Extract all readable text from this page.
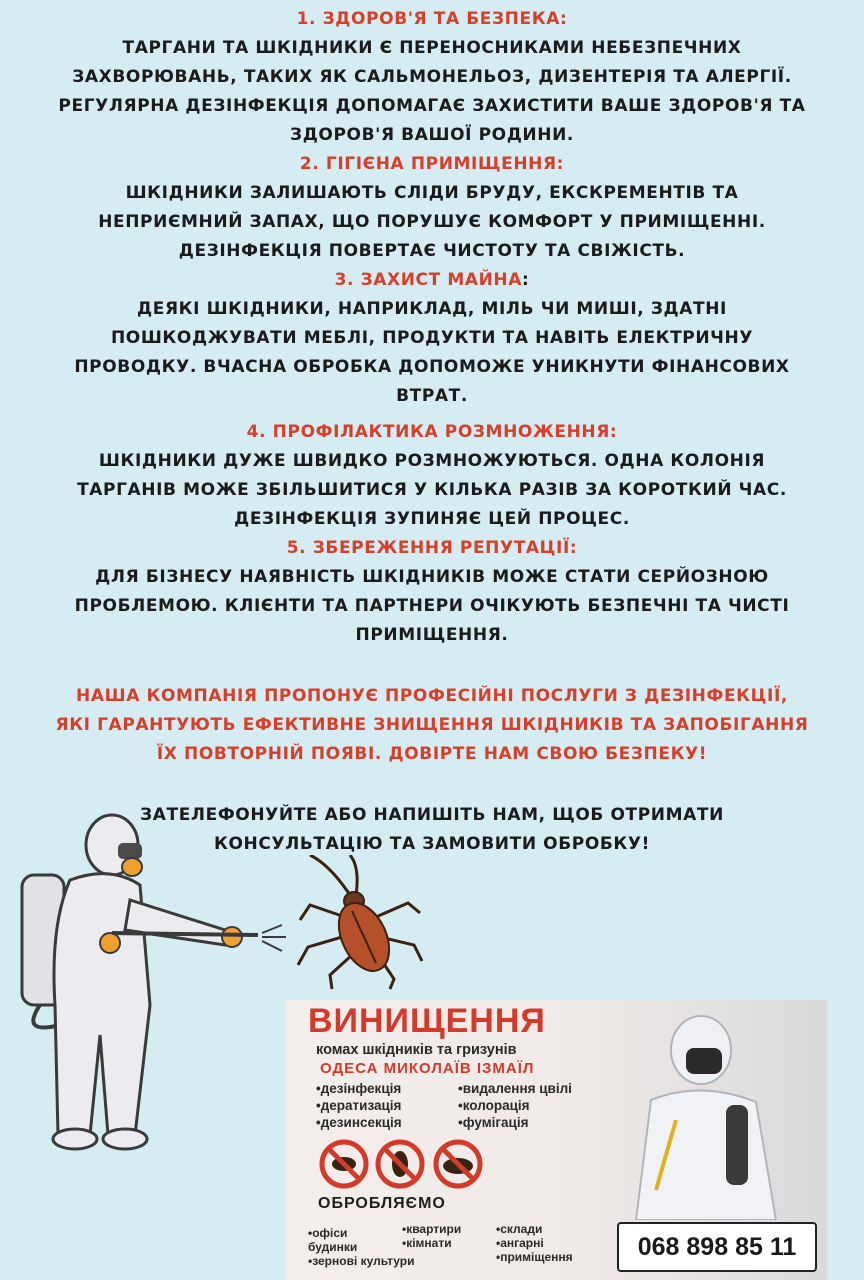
1. ЗДОРОВ'Я ТА БЕЗПЕКА:
ТАРГАНИ ТА ШКІДНИКИ Є ПЕРЕНОСНИКАМИ НЕБЕЗПЕЧНИХ
ЗАХВОРЮВАНЬ, ТАКИХ ЯК САЛЬМОНЕЛЬОЗ, ДИЗЕНТЕРІЯ ТА АЛЕРГІЇ.
РЕГУЛЯРНА ДЕЗІНФЕКЦІЯ ДОПОМАГАЄ ЗАХИСТИТИ ВАШЕ ЗДОРОВ'Я ТА
ЗДОРОВ'Я ВАШОЇ РОДИНИ.
2. ГІГІЄНА ПРИМІЩЕННЯ:
ШКІДНИКИ ЗАЛИШАЮТЬ СЛІДИ БРУДУ, ЕКСКРЕМЕНТІВ ТА
НЕПРИЄМНИЙ ЗАПАХ, ЩО ПОРУШУЄ КОМФОРТ У ПРИМІЩЕННІ.
ДЕЗІНФЕКЦІЯ ПОВЕРТАЄ ЧИСТОТУ ТА СВІЖІСТЬ.
3. ЗАХИСТ МАЙНА:
ДЕЯКІ ШКІДНИКИ, НАПРИКЛАД, МІЛЬ ЧИ МИШІ, ЗДАТНІ
ПОШКОДЖУВАТИ МЕБЛІ, ПРОДУКТИ ТА НАВІТЬ ЕЛЕКТРИЧНУ
ПРОВОДКУ. ВЧАСНА ОБРОБКА ДОПОМОЖЕ УНИКНУТИ ФІНАНСОВИХ
ВТРАТ.
4. ПРОФІЛАКТИКА РОЗМНОЖЕННЯ:
ШКІДНИКИ ДУЖЕ ШВИДКО РОЗМНОЖУЮТЬСЯ. ОДНА КОЛОНІЯ
ТАРГАНІВ МОЖЕ ЗБІЛЬШИТИСЯ У КІЛЬКА РАЗІВ ЗА КОРОТКИЙ ЧАС.
ДЕЗІНФЕКЦІЯ ЗУПИНЯЄ ЦЕЙ ПРОЦЕС.
5. ЗБЕРЕЖЕННЯ РЕПУТАЦІЇ:
ДЛЯ БІЗНЕСУ НАЯВНІСТЬ ШКІДНИКІВ МОЖЕ СТАТИ СЕРЙОЗНОЮ
ПРОБЛЕМОЮ. КЛІЄНТИ ТА ПАРТНЕРИ ОЧІКУЮТЬ БЕЗПЕЧНІ ТА ЧИСТІ
ПРИМІЩЕННЯ.
НАША КОМПАНІЯ ПРОПОНУЄ ПРОФЕСІЙНІ ПОСЛУГИ З ДЕЗІНФЕКЦІЇ,
ЯКІ ГАРАНТУЮТЬ ЕФЕКТИВНЕ ЗНИЩЕННЯ ШКІДНИКІВ ТА ЗАПОБІГАННЯ
ЇХ ПОВТОРНІЙ ПОЯВІ. ДОВІРТЕ НАМ СВОЮ БЕЗПЕКУ!
ЗАТЕЛЕФОНУЙТЕ АБО НАПИШІТЬ НАМ, ЩОБ ОТРИМАТИ
КОНСУЛЬТАЦІЮ ТА ЗАМОВИТИ ОБРОБКУ!
ВИНИЩЕННЯ
комах шкідників та гризунів
ОДЕСА МИКОЛАЇВ ІЗМАЇЛ
•дезінфекція
•дератизація
•дезинсекція
•видалення цвілі
•колорація
•фумігація
ОБРОБЛЯЄМО
•офіси
будинки
•зернові культури
•квартири
•кімнати
•склади
•ангарні
•приміщення	068 898 85 11
